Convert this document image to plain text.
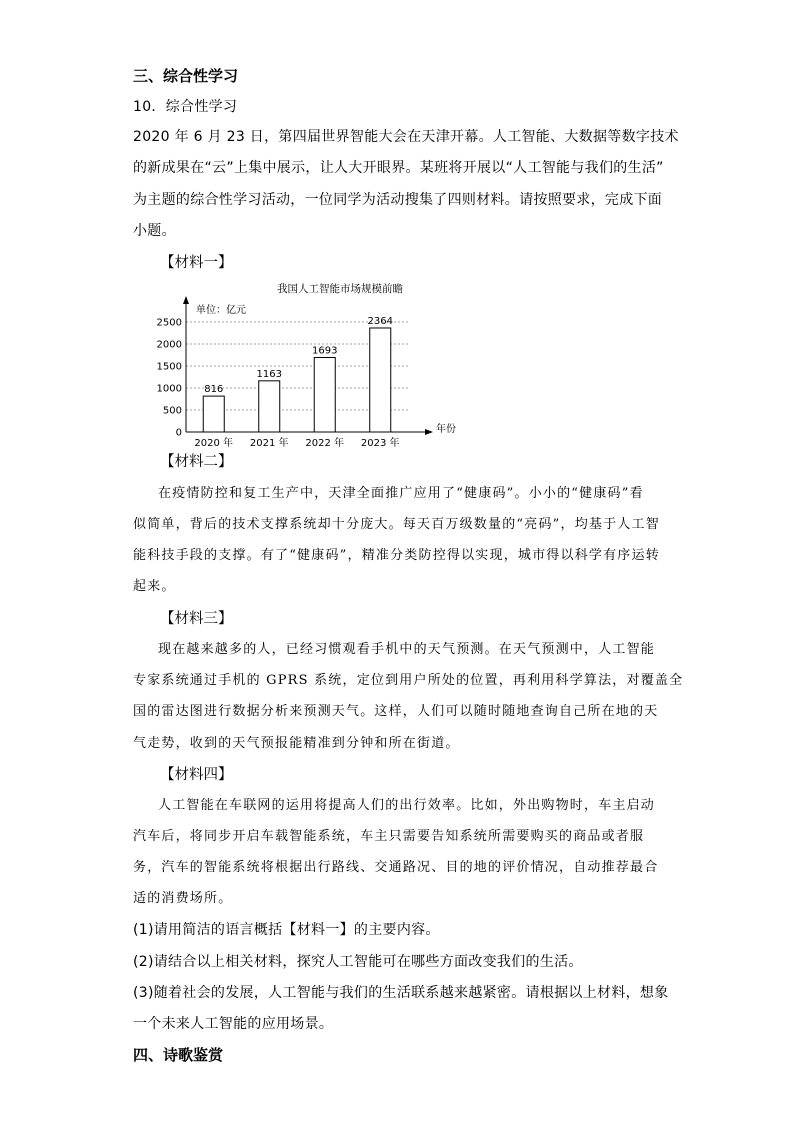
三、综合性学习
10．综合性学习
2020 年 6 月 23 日，第四届世界智能大会在天津开幕。人工智能、大数据等数字技术
的新成果在“云”上集中展示，让人大开眼界。某班将开展以“人工智能与我们的生活”
为主题的综合性学习活动，一位同学为活动搜集了四则材料。请按照要求，完成下面
小题。
【材料一】
我国人工智能市场规模前瞻
单位：亿元
年份
0
500
1000
1500
2000
2500
816
1163
1693
2364
2020 年 2021 年 2022 年 2023 年
【材料二】
在疫情防控和复工生产中，天津全面推广应用了“健康码”。小小的“健康码”看
似简单，背后的技术支撑系统却十分庞大。每天百万级数量的“亮码”，均基于人工智
能科技手段的支撑。有了“健康码”，精准分类防控得以实现，城市得以科学有序运转
起来。
【材料三】
现在越来越多的人，已经习惯观看手机中的天气预测。在天气预测中，人工智能
专家系统通过手机的 GPRS 系统，定位到用户所处的位置，再利用科学算法，对覆盖全
国的雷达图进行数据分析来预测天气。这样，人们可以随时随地查询自己所在地的天
气走势，收到的天气预报能精准到分钟和所在街道。
【材料四】
人工智能在车联网的运用将提高人们的出行效率。比如，外出购物时，车主启动
汽车后，将同步开启车载智能系统，车主只需要告知系统所需要购买的商品或者服
务，汽车的智能系统将根据出行路线、交通路况、目的地的评价情况，自动推荐最合
适的消费场所。
(1)请用简洁的语言概括【材料一】的主要内容。
(2)请结合以上相关材料，探究人工智能可在哪些方面改变我们的生活。
(3)随着社会的发展，人工智能与我们的生活联系越来越紧密。请根据以上材料，想象
一个未来人工智能的应用场景。
四、诗歌鉴赏
